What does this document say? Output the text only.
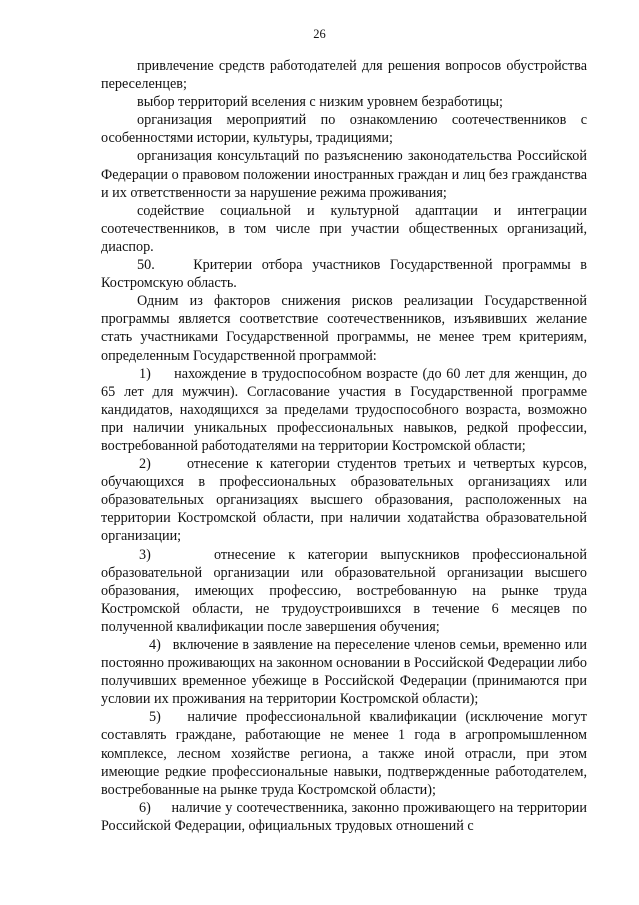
26

привлечение средств работодателей для решения вопросов обустройства переселенцев;

выбор территорий вселения с низким уровнем безработицы;

организация мероприятий по ознакомлению соотечественников с особенностями истории, культуры, традициями;

организация консультаций по разъяснению законодательства Российской Федерации о правовом положении иностранных граждан и лиц без гражданства и их ответственности за нарушение режима проживания;

содействие социальной и культурной адаптации и интеграции соотечественников, в том числе при участии общественных организаций, диаспор.

50.    Критерии отбора участников Государственной программы в Костромскую область.

Одним из факторов снижения рисков реализации Государственной программы является соответствие соотечественников, изъявивших желание стать участниками Государственной программы, не менее трем критериям, определенным Государственной программой:

1)     нахождение в трудоспособном возрасте (до 60 лет для женщин, до 65 лет для мужчин). Согласование участия в Государственной программе кандидатов, находящихся за пределами трудоспособного возраста, возможно при наличии уникальных профессиональных навыков, редкой профессии, востребованной работодателями на территории Костромской области;

2)     отнесение к категории студентов третьих и четвертых курсов, обучающихся в профессиональных образовательных организациях или образовательных организациях высшего образования, расположенных на территории Костромской области, при наличии ходатайства образовательной организации;

3)     отнесение к категории выпускников профессиональной образовательной организации или образовательной организации высшего образования, имеющих профессию, востребованную на рынке труда Костромской области, не трудоустроившихся в течение 6 месяцев по полученной квалификации после завершения обучения;

4)   включение в заявление на переселение членов семьи, временно или постоянно проживающих на законном основании в Российской Федерации либо получивших временное убежище в Российской Федерации (принимаются при условии их проживания на территории Костромской области);

5)   наличие профессиональной квалификации (исключение могут составлять граждане, работающие не менее 1 года в агропромышленном комплексе, лесном хозяйстве региона, а также иной отрасли, при этом имеющие редкие профессиональные навыки, подтвержденные работодателем, востребованные на рынке труда Костромской области);

6)     наличие у соотечественника, законно проживающего на территории Российской Федерации, официальных трудовых отношений с
